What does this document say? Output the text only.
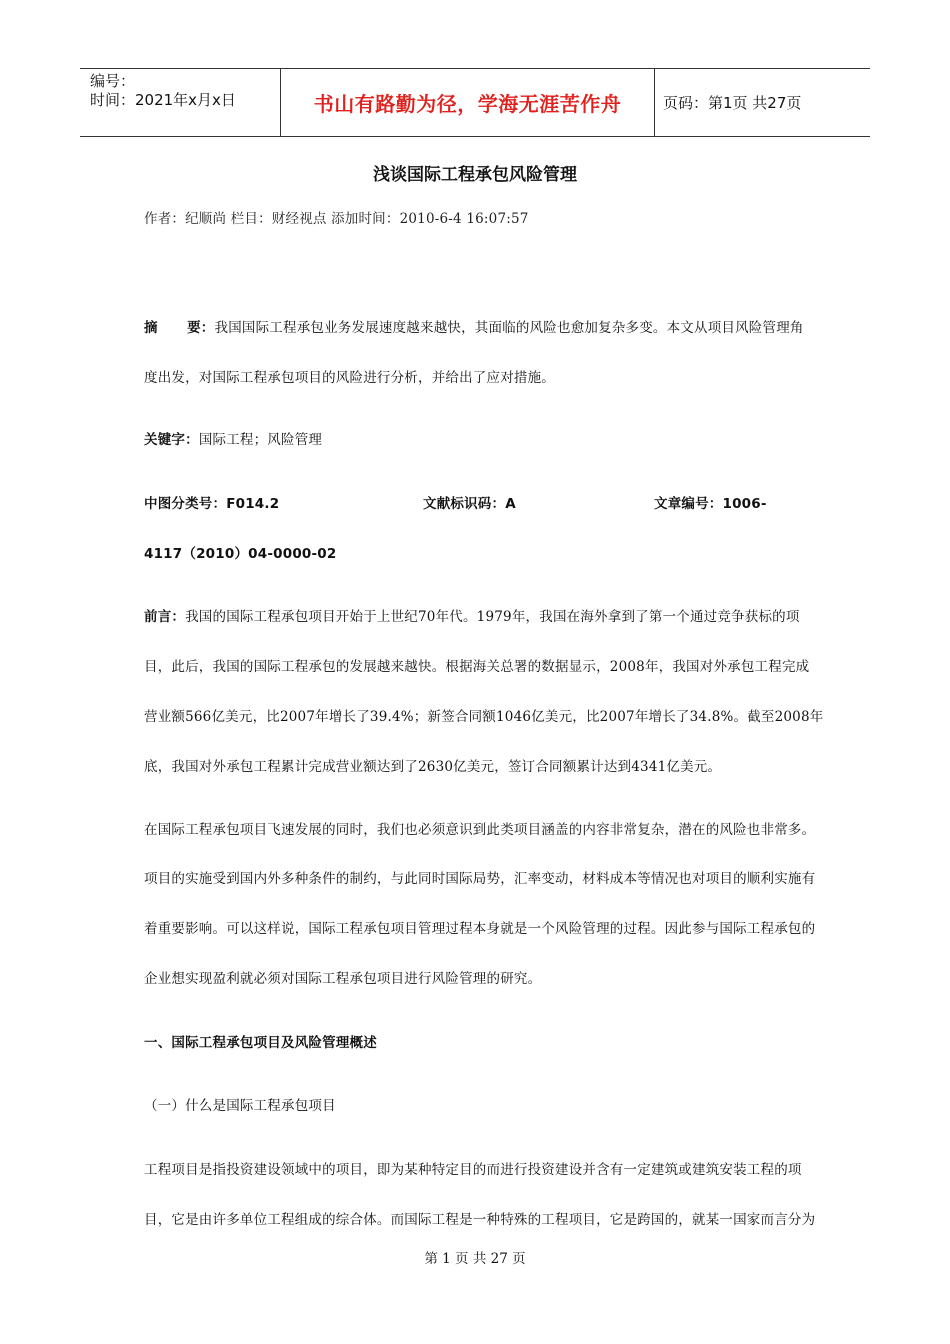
编号：
时间：2021年x月x日	书山有路勤为径，学海无涯苦作舟	页码：第1页 共27页
浅谈国际工程承包风险管理
作者：纪顺尚 栏目：财经视点 添加时间：2010-6-4 16:07:57
摘      要：我国国际工程承包业务发展速度越来越快，其面临的风险也愈加复杂多变。本文从项目风险管理角
度出发，对国际工程承包项目的风险进行分析，并给出了应对措施。
关键字：国际工程；风险管理
中图分类号：F014.2	文献标识码：A	文章编号：1006-
4117（2010）04-0000-02
前言：我国的国际工程承包项目开始于上世纪70年代。1979年，我国在海外拿到了第一个通过竞争获标的项
目，此后，我国的国际工程承包的发展越来越快。根据海关总署的数据显示，2008年，我国对外承包工程完成
营业额566亿美元，比2007年增长了39.4%；新签合同额1046亿美元，比2007年增长了34.8%。截至2008年
底，我国对外承包工程累计完成营业额达到了2630亿美元，签订合同额累计达到4341亿美元。
在国际工程承包项目飞速发展的同时，我们也必须意识到此类项目涵盖的内容非常复杂，潜在的风险也非常多。
项目的实施受到国内外多种条件的制约，与此同时国际局势，汇率变动，材料成本等情况也对项目的顺利实施有
着重要影响。可以这样说，国际工程承包项目管理过程本身就是一个风险管理的过程。因此参与国际工程承包的
企业想实现盈利就必须对国际工程承包项目进行风险管理的研究。
一、国际工程承包项目及风险管理概述
（一）什么是国际工程承包项目
工程项目是指投资建设领域中的项目，即为某种特定目的而进行投资建设并含有一定建筑或建筑安装工程的项
目，它是由许多单位工程组成的综合体。而国际工程是一种特殊的工程项目，它是跨国的，就某一国家而言分为
第 1 页 共 27 页
